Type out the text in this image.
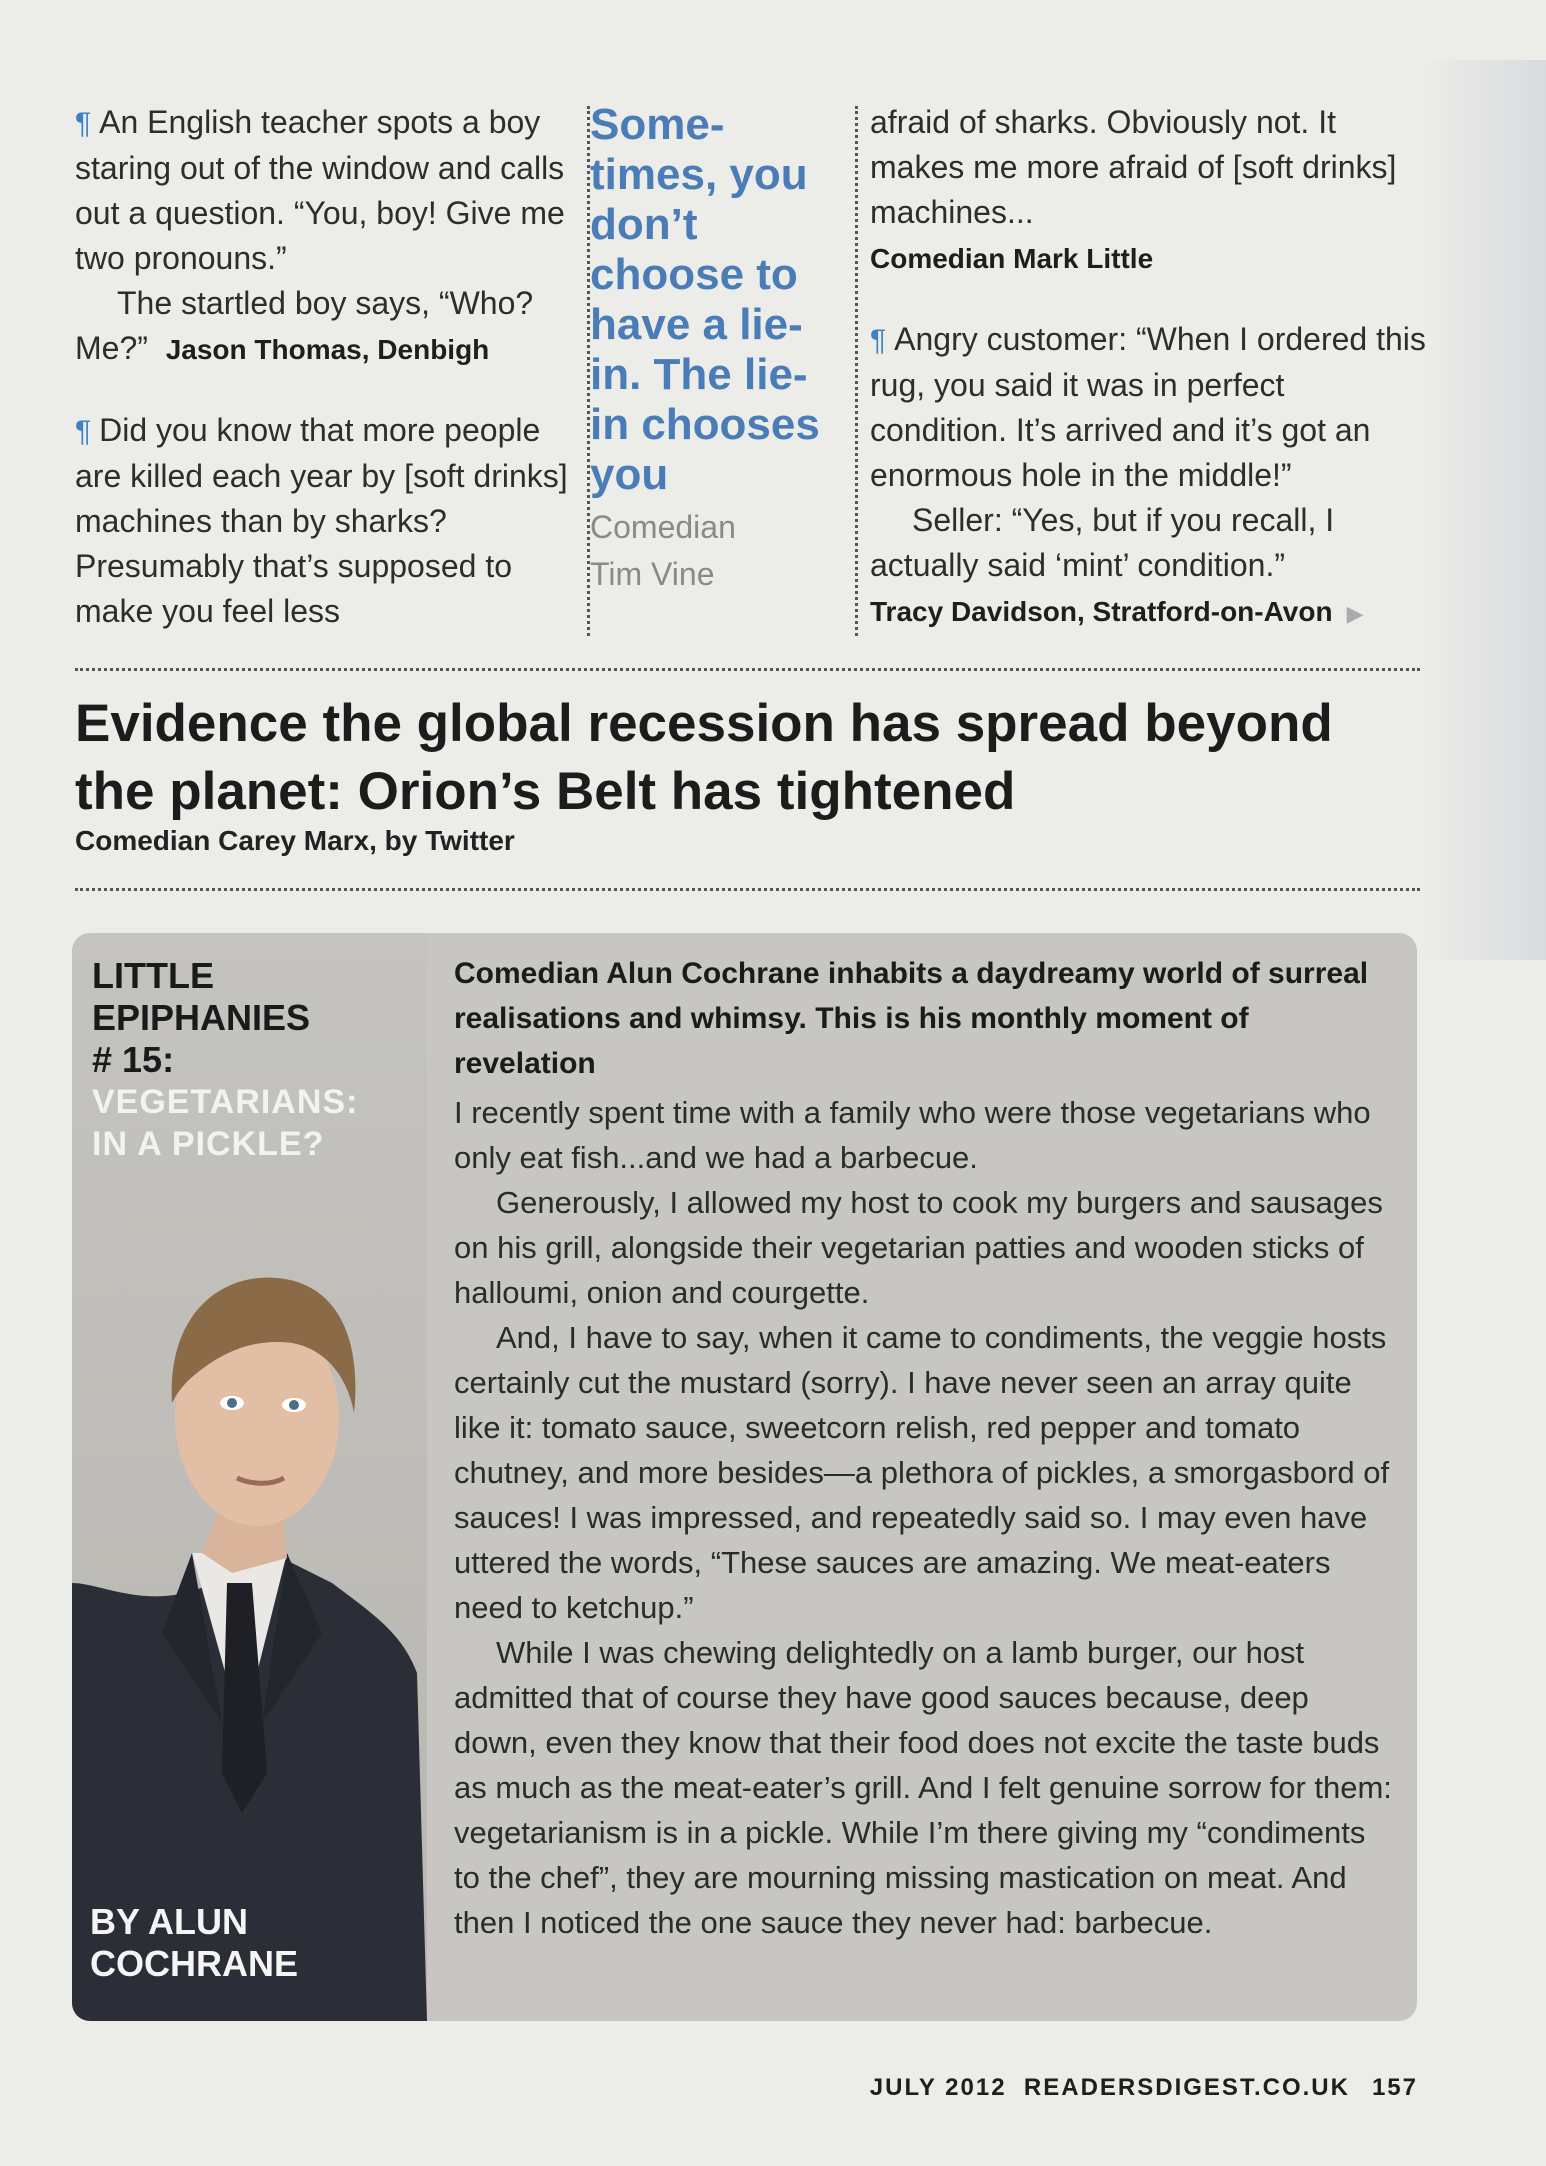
¶ An English teacher spots a boy staring out of the window and calls out a question. “You, boy! Give me two pronouns.”

The startled boy says, “Who? Me?” Jason Thomas, Denbigh

¶ Did you know that more people are killed each year by [soft drinks] machines than by sharks? Presumably that’s supposed to make you feel less

Some-times, you don’t choose to have a lie-in. The lie-in chooses you

Comedian
Tim Vine

afraid of sharks. Obviously not. It makes me more afraid of [soft drinks] machines...

Comedian Mark Little

¶ Angry customer: “When I ordered this rug, you said it was in perfect condition. It’s arrived and it’s got an enormous hole in the middle!”

Seller: “Yes, but if you recall, I actually said ‘mint’ condition.”

Tracy Davidson, Stratford-on-Avon ▶

Evidence the global recession has spread beyond the planet: Orion’s Belt has tightened
Comedian Carey Marx, by Twitter

LITTLE
EPIPHANIES
# 15:

VEGETARIANS:
IN A PICKLE?

BY ALUN
COCHRANE

Comedian Alun Cochrane inhabits a daydreamy world of surreal realisations and whimsy. This is his monthly moment of revelation

I recently spent time with a family who were those vegetarians who only eat fish...and we had a barbecue.

Generously, I allowed my host to cook my burgers and sausages on his grill, alongside their vegetarian patties and wooden sticks of halloumi, onion and courgette.

And, I have to say, when it came to condiments, the veggie hosts certainly cut the mustard (sorry). I have never seen an array quite like it: tomato sauce, sweetcorn relish, red pepper and tomato chutney, and more besides—a plethora of pickles, a smorgasbord of sauces! I was impressed, and repeatedly said so. I may even have uttered the words, “These sauces are amazing. We meat-eaters need to ketchup.”

While I was chewing delightedly on a lamb burger, our host admitted that of course they have good sauces because, deep down, even they know that their food does not excite the taste buds as much as the meat-eater’s grill. And I felt genuine sorrow for them: vegetarianism is in a pickle. While I’m there giving my “condiments to the chef”, they are mourning missing mastication on meat. And then I noticed the one sauce they never had: barbecue.

JULY 2012 READERSDIGEST.CO.UK 157
